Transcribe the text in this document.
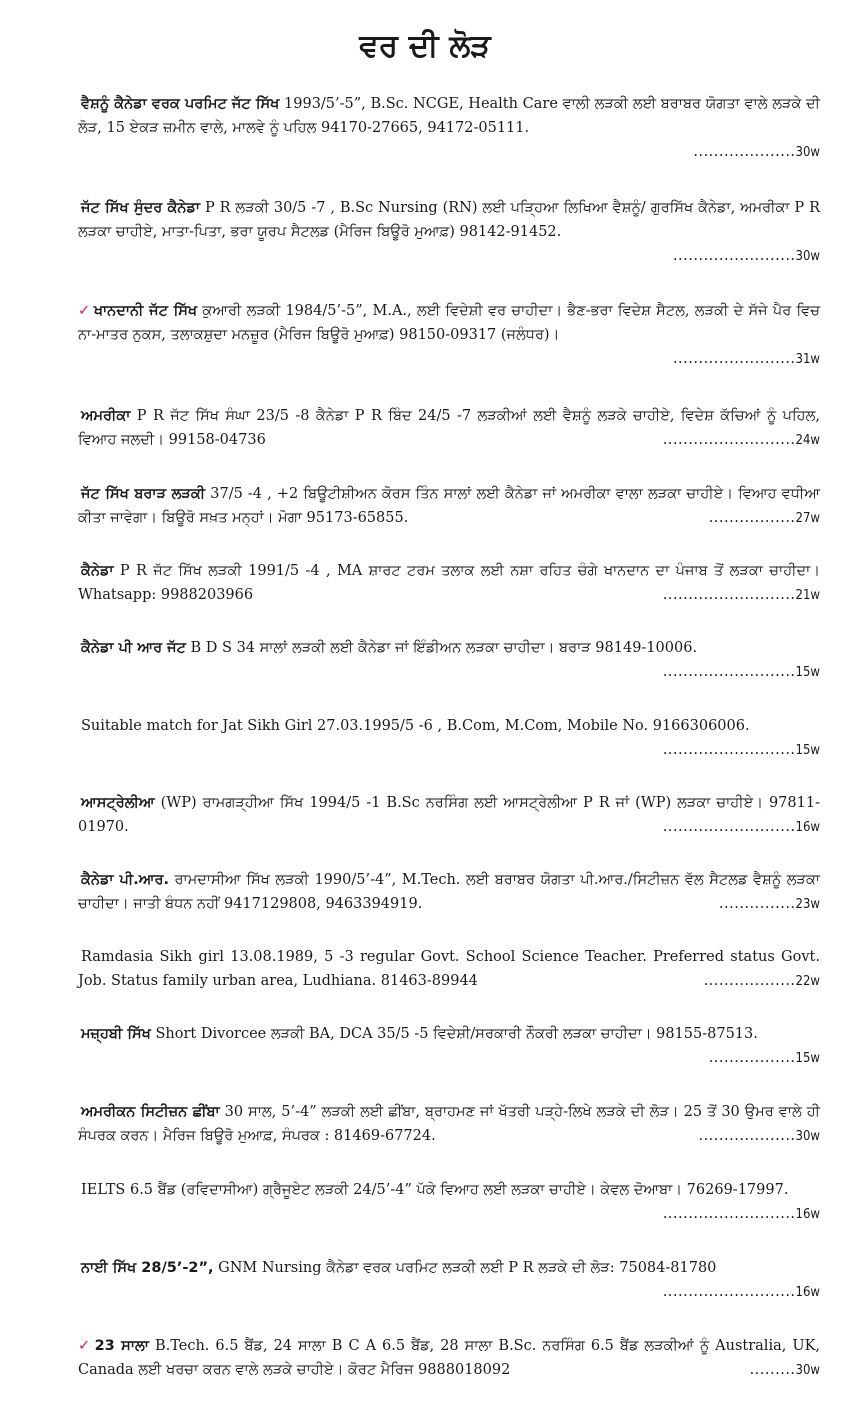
ਵਰ ਦੀ ਲੋੜ
ਵੈਸ਼ਨੂੰ ਕੈਨੇਡਾ ਵਰਕ ਪਰਮਿਟ ਜੱਟ ਸਿੱਖ 1993/5’-5”, B.Sc. NCGE, Health Care ਵਾਲੀ ਲੜਕੀ ਲਈ ਬਰਾਬਰ ਯੋਗਤਾ ਵਾਲੇ ਲੜਕੇ ਦੀ ਲੋੜ, 15 ਏਕੜ ਜ਼ਮੀਨ ਵਾਲੇ, ਮਾਲਵੇ ਨੂੰ ਪਹਿਲ 94170-27665, 94172-05111.
....................30w
ਜੱਟ ਸਿੱਖ ਸੁੰਦਰ ਕੈਨੇਡਾ P R ਲੜਕੀ 30/5 -7 , B.Sc Nursing (RN) ਲਈ ਪੜ੍ਹਿਆ ਲਿਖਿਆ ਵੈਸ਼ਨੂੰ/ ਗੁਰਸਿੱਖ ਕੈਨੇਡਾ, ਅਮਰੀਕਾ P R ਲੜਕਾ ਚਾਹੀਏ, ਮਾਤਾ-ਪਿਤਾ, ਭਰਾ ਯੂਰਪ ਸੈਟਲਡ (ਮੈਰਿਜ ਬਿਊਰੋ ਮੁਆਫ਼) 98142-91452.
........................30w
✓ ਖਾਨਦਾਨੀ ਜੱਟ ਸਿੱਖ ਕੁਆਰੀ ਲੜਕੀ 1984/5’-5”, M.A., ਲਈ ਵਿਦੇਸ਼ੀ ਵਰ ਚਾਹੀਦਾ। ਭੈਣ-ਭਰਾ ਵਿਦੇਸ਼ ਸੈਟਲ, ਲੜਕੀ ਦੇ ਸੱਜੇ ਪੈਰ ਵਿਚ ਨਾ-ਮਾਤਰ ਨੁਕਸ, ਤਲਾਕਸ਼ੁਦਾ ਮਨਜ਼ੂਰ (ਮੈਰਿਜ ਬਿਊਰੋ ਮੁਆਫ਼) 98150-09317 (ਜਲੰਧਰ)।
........................31w
ਅਮਰੀਕਾ P R ਜੱਟ ਸਿੱਖ ਸੰਘਾ 23/5 -8 ਕੈਨੇਡਾ P R ਬਿੰਦ 24/5 -7 ਲੜਕੀਆਂ ਲਈ ਵੈਸ਼ਨੂੰ ਲੜਕੇ ਚਾਹੀਏ, ਵਿਦੇਸ਼ ਕੱਚਿਆਂ ਨੂੰ ਪਹਿਲ, ਵਿਆਹ ਜਲਦੀ। 99158-04736	..........................24w
ਜੱਟ ਸਿੱਖ ਬਰਾੜ ਲੜਕੀ 37/5 -4 , +2 ਬਿਊਟੀਸ਼ੀਅਨ ਕੋਰਸ ਤਿੰਨ ਸਾਲਾਂ ਲਈ ਕੈਨੇਡਾ ਜਾਂ ਅਮਰੀਕਾ ਵਾਲਾ ਲੜਕਾ ਚਾਹੀਏ। ਵਿਆਹ ਵਧੀਆ ਕੀਤਾ ਜਾਵੇਗਾ। ਬਿਊਰੋ ਸਖ਼ਤ ਮਨ੍ਹਾਂ। ਮੋਗਾ 95173-65855.	.................27w
ਕੈਨੇਡਾ P R ਜੱਟ ਸਿੱਖ ਲੜਕੀ 1991/5 -4 , MA ਸ਼ਾਰਟ ਟਰਮ ਤਲਾਕ ਲਈ ਨਸ਼ਾ ਰਹਿਤ ਚੰਗੇ ਖਾਨਦਾਨ ਦਾ ਪੰਜਾਬ ਤੋਂ ਲੜਕਾ ਚਾਹੀਦਾ। Whatsapp: 9988203966	..........................21w
ਕੈਨੇਡਾ ਪੀ ਆਰ ਜੱਟ B D S 34 ਸਾਲਾਂ ਲੜਕੀ ਲਈ ਕੈਨੇਡਾ ਜਾਂ ਇੰਡੀਅਨ ਲੜਕਾ ਚਾਹੀਦਾ। ਬਰਾੜ 98149-10006.
..........................15w
Suitable match for Jat Sikh Girl 27.03.1995/5 -6 , B.Com, M.Com, Mobile No. 9166306006.
..........................15w
ਆਸਟ੍ਰੇਲੀਆ (WP) ਰਾਮਗੜ੍ਹੀਆ ਸਿੱਖ 1994/5 -1 B.Sc ਨਰਸਿੰਗ ਲਈ ਆਸਟ੍ਰੇਲੀਆ P R ਜਾਂ (WP) ਲੜਕਾ ਚਾਹੀਏ। 97811-01970.	..........................16w
ਕੈਨੇਡਾ ਪੀ.ਆਰ. ਰਾਮਦਾਸੀਆ ਸਿੱਖ ਲੜਕੀ 1990/5’-4”, M.Tech. ਲਈ ਬਰਾਬਰ ਯੋਗਤਾ ਪੀ.ਆਰ./ਸਿਟੀਜ਼ਨ ਵੱਲ ਸੈਟਲਡ ਵੈਸ਼ਨੂੰ ਲੜਕਾ ਚਾਹੀਦਾ। ਜਾਤੀ ਬੰਧਨ ਨਹੀਂ 9417129808, 9463394919.	...............23w
Ramdasia Sikh girl 13.08.1989, 5 -3 regular Govt. School Science Teacher. Preferred status Govt. Job. Status family urban area, Ludhiana. 81463-89944	..................22w
ਮਜ਼੍ਹਬੀ ਸਿੱਖ Short Divorcee ਲੜਕੀ BA, DCA 35/5 -5 ਵਿਦੇਸ਼ੀ/ਸਰਕਾਰੀ ਨੌਕਰੀ ਲੜਕਾ ਚਾਹੀਦਾ। 98155-87513.
.................15w
ਅਮਰੀਕਨ ਸਿਟੀਜ਼ਨ ਛੀਂਬਾ 30 ਸਾਲ, 5’-4” ਲੜਕੀ ਲਈ ਛੀਂਬਾ, ਬ੍ਰਾਹਮਣ ਜਾਂ ਖੱਤਰੀ ਪੜ੍ਹੇ-ਲਿਖੇ ਲੜਕੇ ਦੀ ਲੋੜ। 25 ਤੋਂ 30 ਉਮਰ ਵਾਲੇ ਹੀ ਸੰਪਰਕ ਕਰਨ। ਮੈਰਿਜ ਬਿਊਰੋ ਮੁਆਫ਼, ਸੰਪਰਕ : 81469-67724.	...................30w
IELTS 6.5 ਬੈਂਡ (ਰਵਿਦਾਸੀਆ) ਗ੍ਰੈਜੂਏਟ ਲੜਕੀ 24/5’-4” ਪੱਕੇ ਵਿਆਹ ਲਈ ਲੜਕਾ ਚਾਹੀਏ। ਕੇਵਲ ਦੋਆਬਾ। 76269-17997.
..........................16w
ਨਾਈ ਸਿੱਖ 28/5’-2”, GNM Nursing ਕੈਨੇਡਾ ਵਰਕ ਪਰਮਿਟ ਲੜਕੀ ਲਈ P R ਲੜਕੇ ਦੀ ਲੋੜ: 75084-81780
..........................16w
✓ 23 ਸਾਲਾ B.Tech. 6.5 ਬੈਂਡ, 24 ਸਾਲਾ B C A 6.5 ਬੈਂਡ, 28 ਸਾਲਾ B.Sc. ਨਰਸਿੰਗ 6.5 ਬੈਂਡ ਲੜਕੀਆਂ ਨੂੰ Australia, UK, Canada ਲਈ ਖਰਚਾ ਕਰਨ ਵਾਲੇ ਲੜਕੇ ਚਾਹੀਏ। ਕੋਰਟ ਮੈਰਿਜ 9888018092	.........30w
